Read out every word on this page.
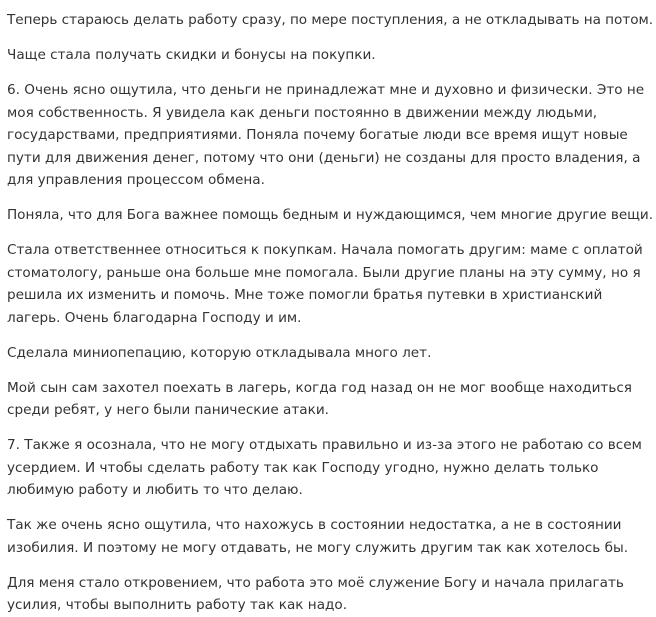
Теперь стараюсь делать работу сразу, по мере поступления, а не откладывать на потом.

Чаще стала получать скидки и бонусы на покупки.

6. Очень ясно ощутила, что деньги не принадлежат мне и духовно и физически. Это не
моя собственность. Я увидела как деньги постоянно в движении между людьми,
государствами, предприятиями. Поняла почему богатые люди все время ищут новые
пути для движения денег, потому что они (деньги) не созданы для просто владения, а
для управления процессом обмена.

Поняла, что для Бога важнее помощь бедным и нуждающимся, чем многие другие вещи.

Стала ответственнее относиться к покупкам. Начала помогать другим: маме с оплатой
стоматологу, раньше она больше мне помогала. Были другие планы на эту сумму, но я
решила их изменить и помочь. Мне тоже помогли братья путевки в христианский
лагерь. Очень благодарна Господу и им.

Сделала миниопепацию, которую откладывала много лет.

Мой сын сам захотел поехать в лагерь, когда год назад он не мог вообще находиться
среди ребят, у него были панические атаки.

7. Также я осознала, что не могу отдыхать правильно и из-за этого не работаю со всем
усердием. И чтобы сделать работу так как Господу угодно, нужно делать только
любимую работу и любить то что делаю.

Так же очень ясно ощутила, что нахожусь в состоянии недостатка, а не в состоянии
изобилия. И поэтому не могу отдавать, не могу служить другим так как хотелось бы.

Для меня стало откровением, что работа это моё служение Богу и начала прилагать
усилия, чтобы выполнить работу так как надо.
